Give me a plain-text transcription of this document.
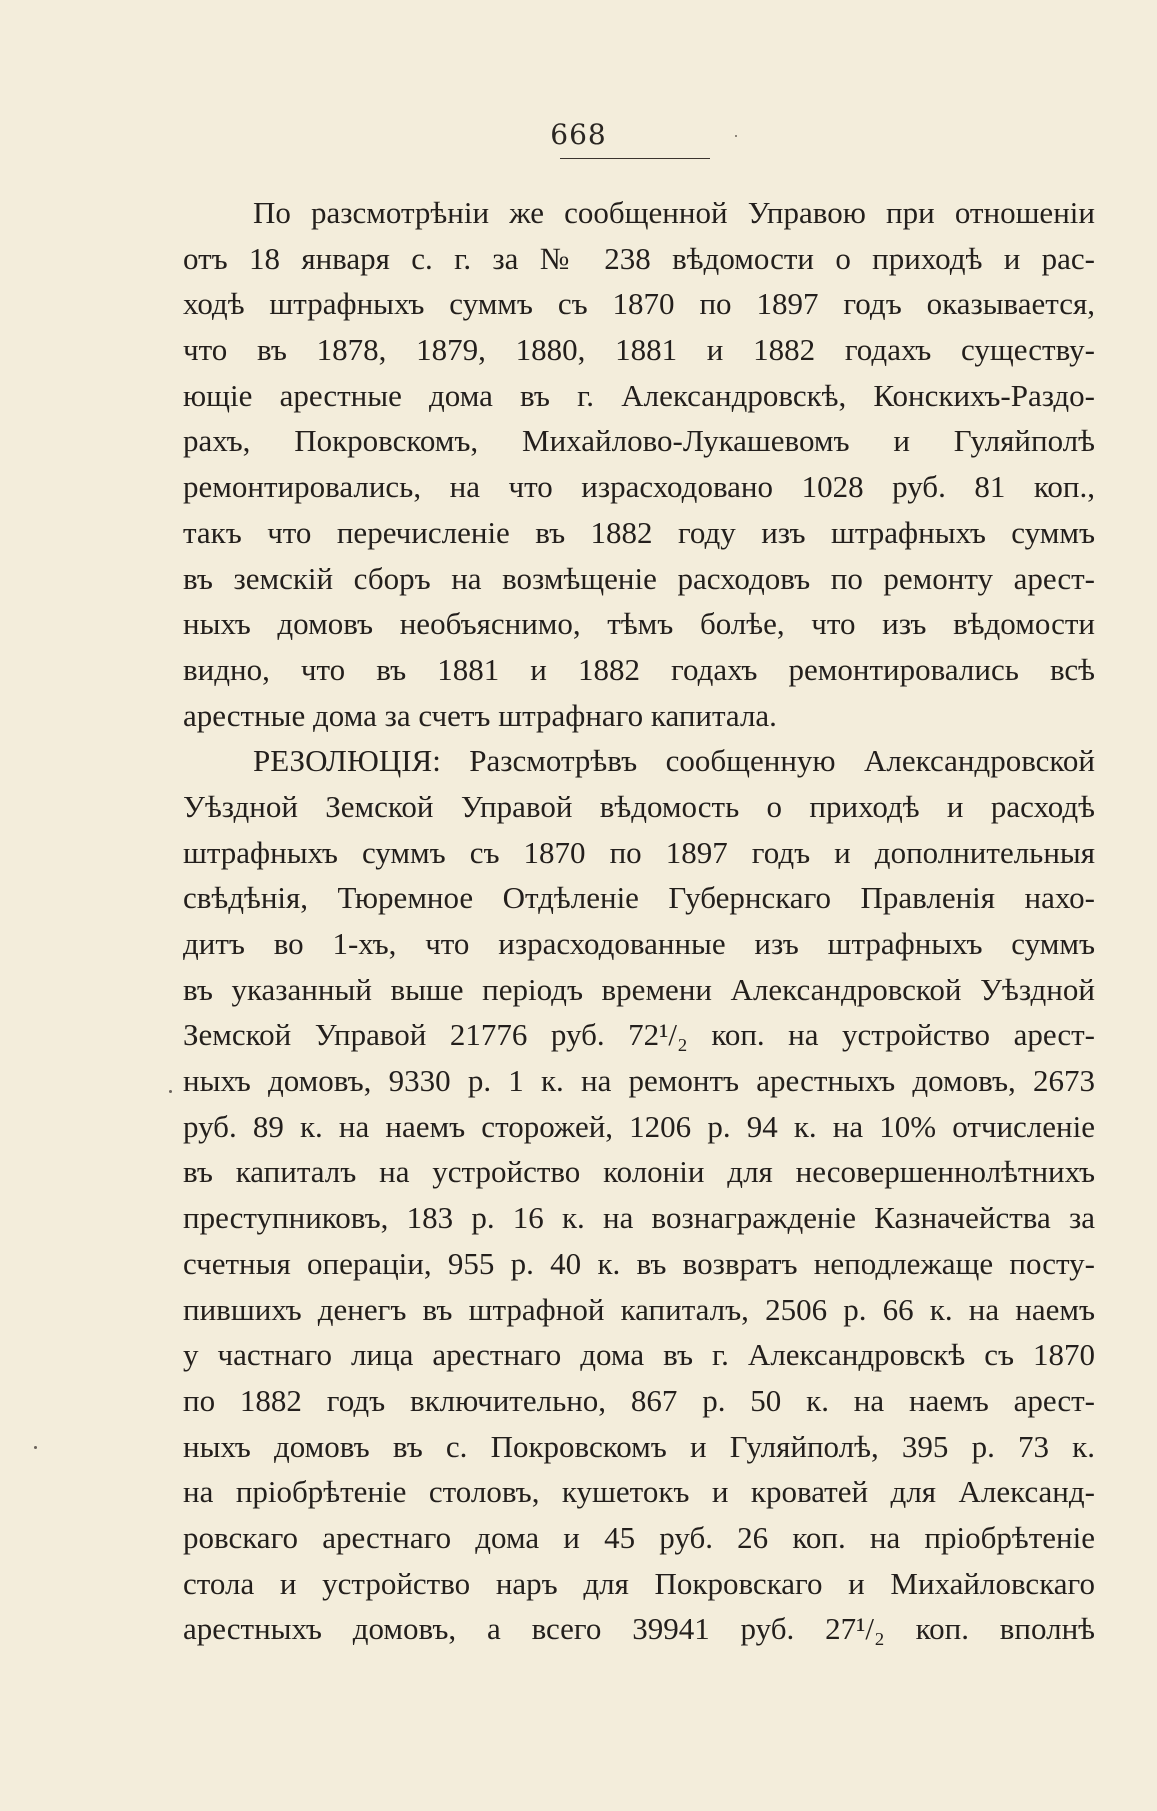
668
По разсмотрѣніи же сообщенной Управою при отношеніи
отъ 18 января с. г. за № 238 вѣдомости о приходѣ и рас-
ходѣ штрафныхъ суммъ съ 1870 по 1897 годъ оказывается,
что въ 1878, 1879, 1880, 1881 и 1882 годахъ существу-
ющіе арестные дома въ г. Александровскѣ, Конскихъ-Раздо-
рахъ, Покровскомъ, Михайлово-Лукашевомъ и Гуляйполѣ
ремонтировались, на что израсходовано 1028 руб. 81 коп.,
такъ что перечисленіе въ 1882 году изъ штрафныхъ суммъ
въ земскій сборъ на возмѣщеніе расходовъ по ремонту арест-
ныхъ домовъ необъяснимо, тѣмъ болѣе, что изъ вѣдомости
видно, что въ 1881 и 1882 годахъ ремонтировались всѣ
арестные дома за счетъ штрафнаго капитала.
РЕЗОЛЮЦІЯ: Разсмотрѣвъ сообщенную Александровской
Уѣздной Земской Управой вѣдомость о приходѣ и расходѣ
штрафныхъ суммъ съ 1870 по 1897 годъ и дополнительныя
свѣдѣнія, Тюремное Отдѣленіе Губернскаго Правленія нахо-
дитъ во 1-хъ, что израсходованные изъ штрафныхъ суммъ
въ указанный выше періодъ времени Александровской Уѣздной
Земской Управой 21776 руб. 72¹/₂ коп. на устройство арест-
ныхъ домовъ, 9330 р. 1 к. на ремонтъ арестныхъ домовъ, 2673
руб. 89 к. на наемъ сторожей, 1206 р. 94 к. на 10% отчисленіе
въ капиталъ на устройство колоніи для несовершеннолѣтнихъ
преступниковъ, 183 р. 16 к. на вознагражденіе Казначейства за
счетныя операціи, 955 р. 40 к. въ возвратъ неподлежаще посту-
пившихъ денегъ въ штрафной капиталъ, 2506 р. 66 к. на наемъ
у частнаго лица арестнаго дома въ г. Александровскѣ съ 1870
по 1882 годъ включительно, 867 р. 50 к. на наемъ арест-
ныхъ домовъ въ с. Покровскомъ и Гуляйполѣ, 395 р. 73 к.
на пріобрѣтеніе столовъ, кушетокъ и кроватей для Александ-
ровскаго арестнаго дома и 45 руб. 26 коп. на пріобрѣтеніе
стола и устройство наръ для Покровскаго и Михайловскаго
арестныхъ домовъ, а всего 39941 руб. 27¹/₂ коп. вполнѣ
